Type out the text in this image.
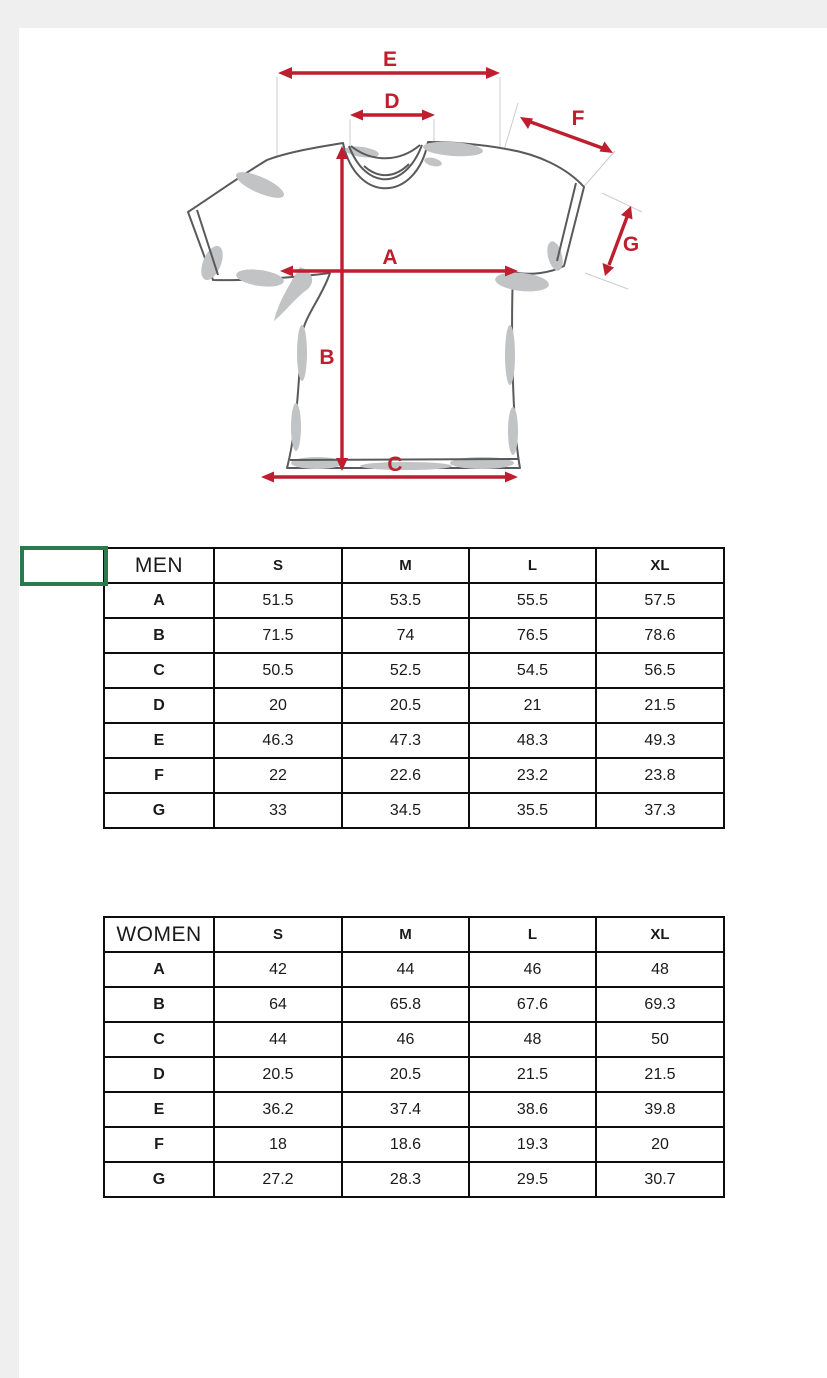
E
D
F
G
A
B
C
MEN	S	M	L	XL
A	51.5	53.5	55.5	57.5
B	71.5	74	76.5	78.6
C	50.5	52.5	54.5	56.5
D	20	20.5	21	21.5
E	46.3	47.3	48.3	49.3
F	22	22.6	23.2	23.8
G	33	34.5	35.5	37.3
WOMEN	S	M	L	XL
A	42	44	46	48
B	64	65.8	67.6	69.3
C	44	46	48	50
D	20.5	20.5	21.5	21.5
E	36.2	37.4	38.6	39.8
F	18	18.6	19.3	20
G	27.2	28.3	29.5	30.7
